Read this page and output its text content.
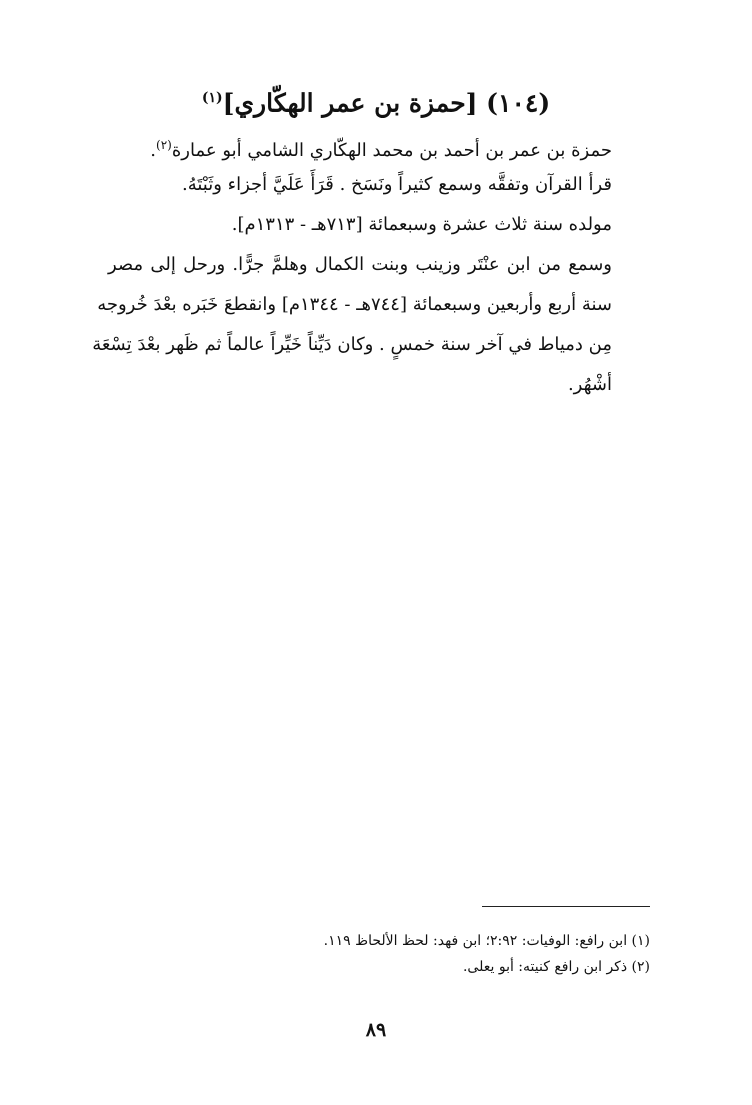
(١٠٤) [حمزة بن عمر الهكّاري]$^{(١)}$
حمزة بن عمر بن أحمد بن محمد الهكّاري الشامي أبو عمارة$^{(٢)}$.
قرأ القرآن وتفقَّه وسمع كثيراً ونَسَخ . قَرَأَ عَلَيَّ أجزاء وثَبْتَهُ.
مولده سنة ثلاث عشرة وسبعمائة [٧١٣هـ - ١٣١٣م].
وسمع من ابن عنْتَر وزينب وبنت الكمال وهلمَّ جرًّا. ورحل إلى مصر
سنة أربع وأربعين وسبعمائة [٧٤٤هـ - ١٣٤٤م] وانقطعَ خَبَره بعْدَ خُروجه
مِن دمياط في آخر سنة خمسٍ . وكان دَيِّناً خَيِّراً عالماً ثم ظَهر بعْدَ تِسْعَة
أشْهُر.
(١) ابن رافع: الوفيات: ٢:٩٢؛ ابن فهد: لحظ الألحاظ ١١٩.
(٢) ذكر ابن رافع كنيته: أبو يعلى.
٨٩
